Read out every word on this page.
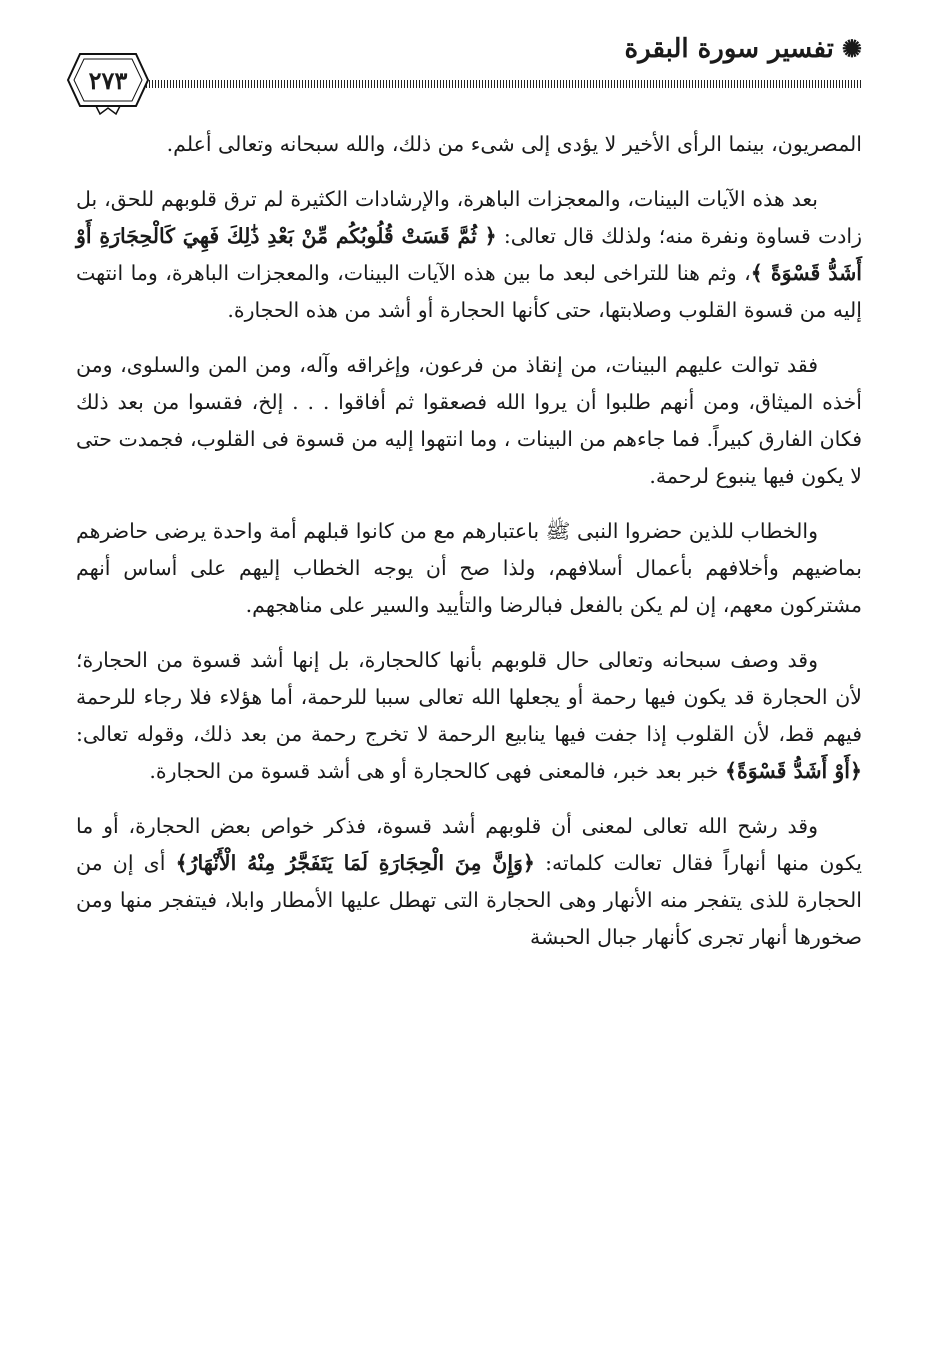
✺
تفسير سورة البقرة
٢٧٣

المصريون، بينما الرأى الأخير لا يؤدى إلى شىء من ذلك، والله سبحانه وتعالى أعلم.

بعد هذه الآيات البينات، والمعجزات الباهرة، والإرشادات الكثيرة لم ترق قلوبهم للحق، بل زادت قساوة ونفرة منه؛ ولذلك قال تعالى: ﴿ ثُمَّ قَسَتْ قُلُوبُكُم مِّنْ بَعْدِ ذَٰلِكَ فَهِيَ كَالْحِجَارَةِ أَوْ أَشَدُّ قَسْوَةً ﴾، وثم هنا للتراخى لبعد ما بين هذه الآيات البينات، والمعجزات الباهرة، وما انتهت إليه من قسوة القلوب وصلابتها، حتى كأنها الحجارة أو أشد من هذه الحجارة.

فقد توالت عليهم البينات، من إنقاذ من فرعون، وإغراقه وآله، ومن المن والسلوى، ومن أخذه الميثاق، ومن أنهم طلبوا أن يروا الله فصعقوا ثم أفاقوا . . . إلخ، فقسوا من بعد ذلك فكان الفارق كبيراً. فما جاءهم من البينات ، وما انتهوا إليه من قسوة فى القلوب، فجمدت حتى لا يكون فيها ينبوع لرحمة.

والخطاب للذين حضروا النبى ﷺ باعتبارهم مع من كانوا قبلهم أمة واحدة يرضى حاضرهم بماضيهم وأخلافهم بأعمال أسلافهم، ولذا صح أن يوجه الخطاب إليهم على أساس أنهم مشتركون معهم، إن لم يكن بالفعل فبالرضا والتأييد والسير على مناهجهم.

وقد وصف سبحانه وتعالى حال قلوبهم بأنها كالحجارة، بل إنها أشد قسوة من الحجارة؛ لأن الحجارة قد يكون فيها رحمة أو يجعلها الله تعالى سببا للرحمة، أما هؤلاء فلا رجاء للرحمة فيهم قط، لأن القلوب إذا جفت فيها ينابيع الرحمة لا تخرج رحمة من بعد ذلك، وقوله تعالى: ﴿أَوْ أَشَدُّ قَسْوَةً﴾ خبر بعد خبر، فالمعنى فهى كالحجارة أو هى أشد قسوة من الحجارة.

وقد رشح الله تعالى لمعنى أن قلوبهم أشد قسوة، فذكر خواص بعض الحجارة، أو ما يكون منها أنهاراً فقال تعالت كلماته: ﴿وَإِنَّ مِنَ الْحِجَارَةِ لَمَا يَتَفَجَّرُ مِنْهُ الْأَنْهَارُ﴾ أى إن من الحجارة للذى يتفجر منه الأنهار وهى الحجارة التى تهطل عليها الأمطار وابلا، فيتفجر منها ومن صخورها أنهار تجرى كأنهار جبال الحبشة
